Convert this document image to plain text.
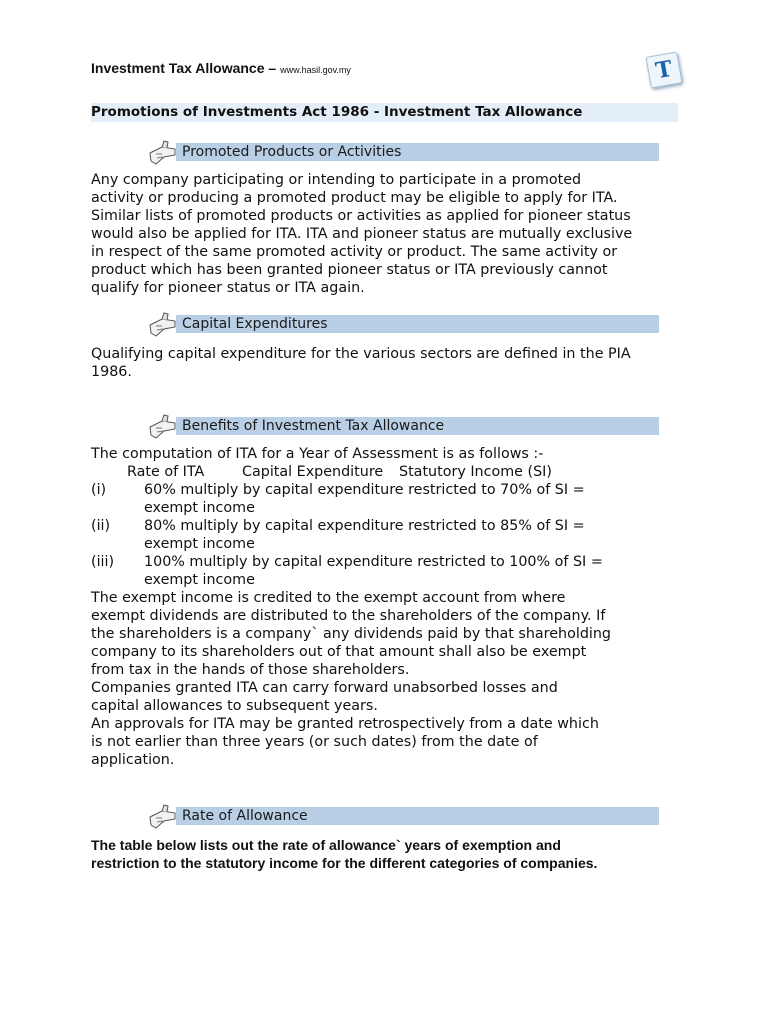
Investment Tax Allowance – www.hasil.gov.my	T
Promotions of Investments Act 1986 - Investment Tax Allowance
Promoted Products or Activities
Any company participating or intending to participate in a promoted
activity or producing a promoted product may be eligible to apply for ITA.
Similar lists of promoted products or activities as applied for pioneer status
would also be applied for ITA. ITA and pioneer status are mutually exclusive
in respect of the same promoted activity or product. The same activity or
product which has been granted pioneer status or ITA previously cannot
qualify for pioneer status or ITA again.
Capital Expenditures
Qualifying capital expenditure for the various sectors are defined in the PIA
1986.
Benefits of Investment Tax Allowance
The computation of ITA for a Year of Assessment is as follows :-
Rate of ITA	Capital Expenditure Statutory Income (SI)
(i)	60% multiply by capital expenditure restricted to 70% of SI =
exempt income
(ii) 80% multiply by capital expenditure restricted to 85% of SI =
exempt income
(iii) 100% multiply by capital expenditure restricted to 100% of SI =
exempt income
The exempt income is credited to the exempt account from where
exempt dividends are distributed to the shareholders of the company. If
the shareholders is a company` any dividends paid by that shareholding
company to its shareholders out of that amount shall also be exempt
from tax in the hands of those shareholders.
Companies granted ITA can carry forward unabsorbed losses and
capital allowances to subsequent years.
An approvals for ITA may be granted retrospectively from a date which
is not earlier than three years (or such dates) from the date of
application.
Rate of Allowance
The table below lists out the rate of allowance` years of exemption and
restriction to the statutory income for the different categories of companies.
